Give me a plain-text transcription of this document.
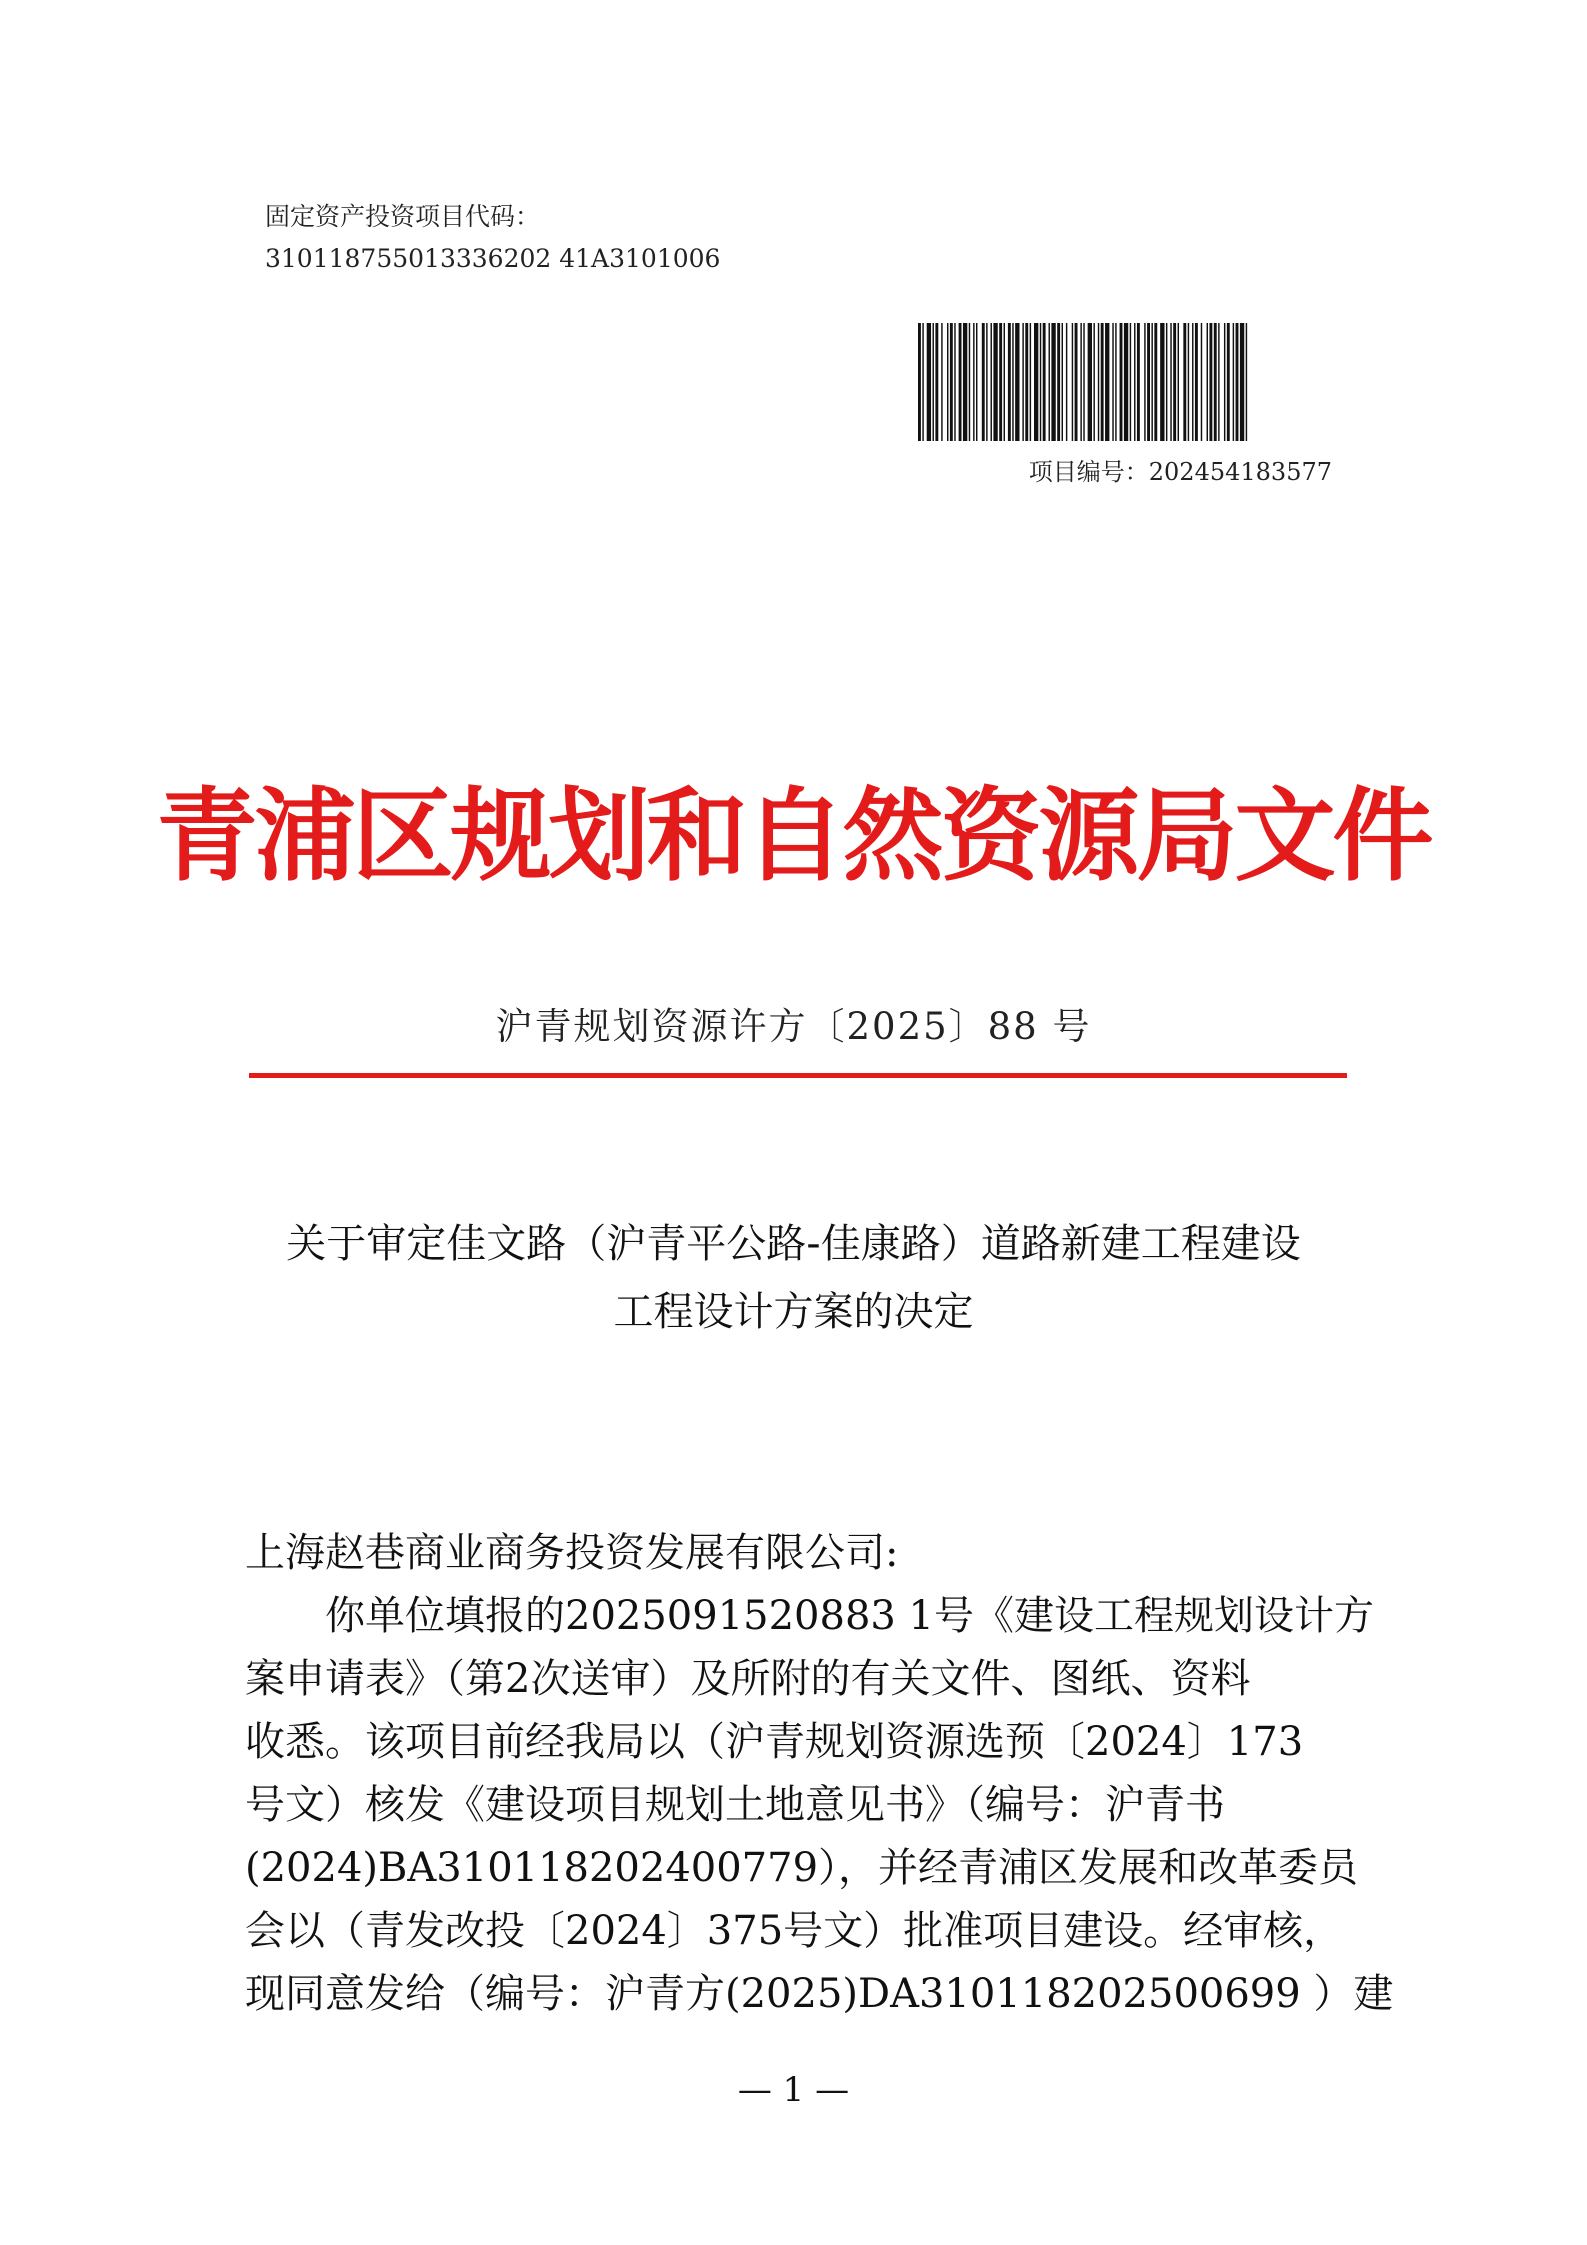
固定资产投资项目代码：
310118755013336202 41A3101006
项目编号：202454183577
青浦区规划和自然资源局文件
沪青规划资源许方〔2025〕88 号
关于审定佳文路（沪青平公路-佳康路）道路新建工程建设
工程设计方案的决定
上海赵巷商业商务投资发展有限公司:
你单位填报的2025091520883 1号《建设工程规划设计方
案申请表》（第2次送审）及所附的有关文件、图纸、资料
收悉。该项目前经我局以（沪青规划资源选预〔2024〕173
号文）核发《建设项目规划土地意见书》（编号：沪青书
(2024)BA310118202400779），并经青浦区发展和改革委员
会以（青发改投〔2024〕375号文）批准项目建设。经审核，
现同意发给（编号：沪青方(2025)DA310118202500699 ）建
— 1 —
